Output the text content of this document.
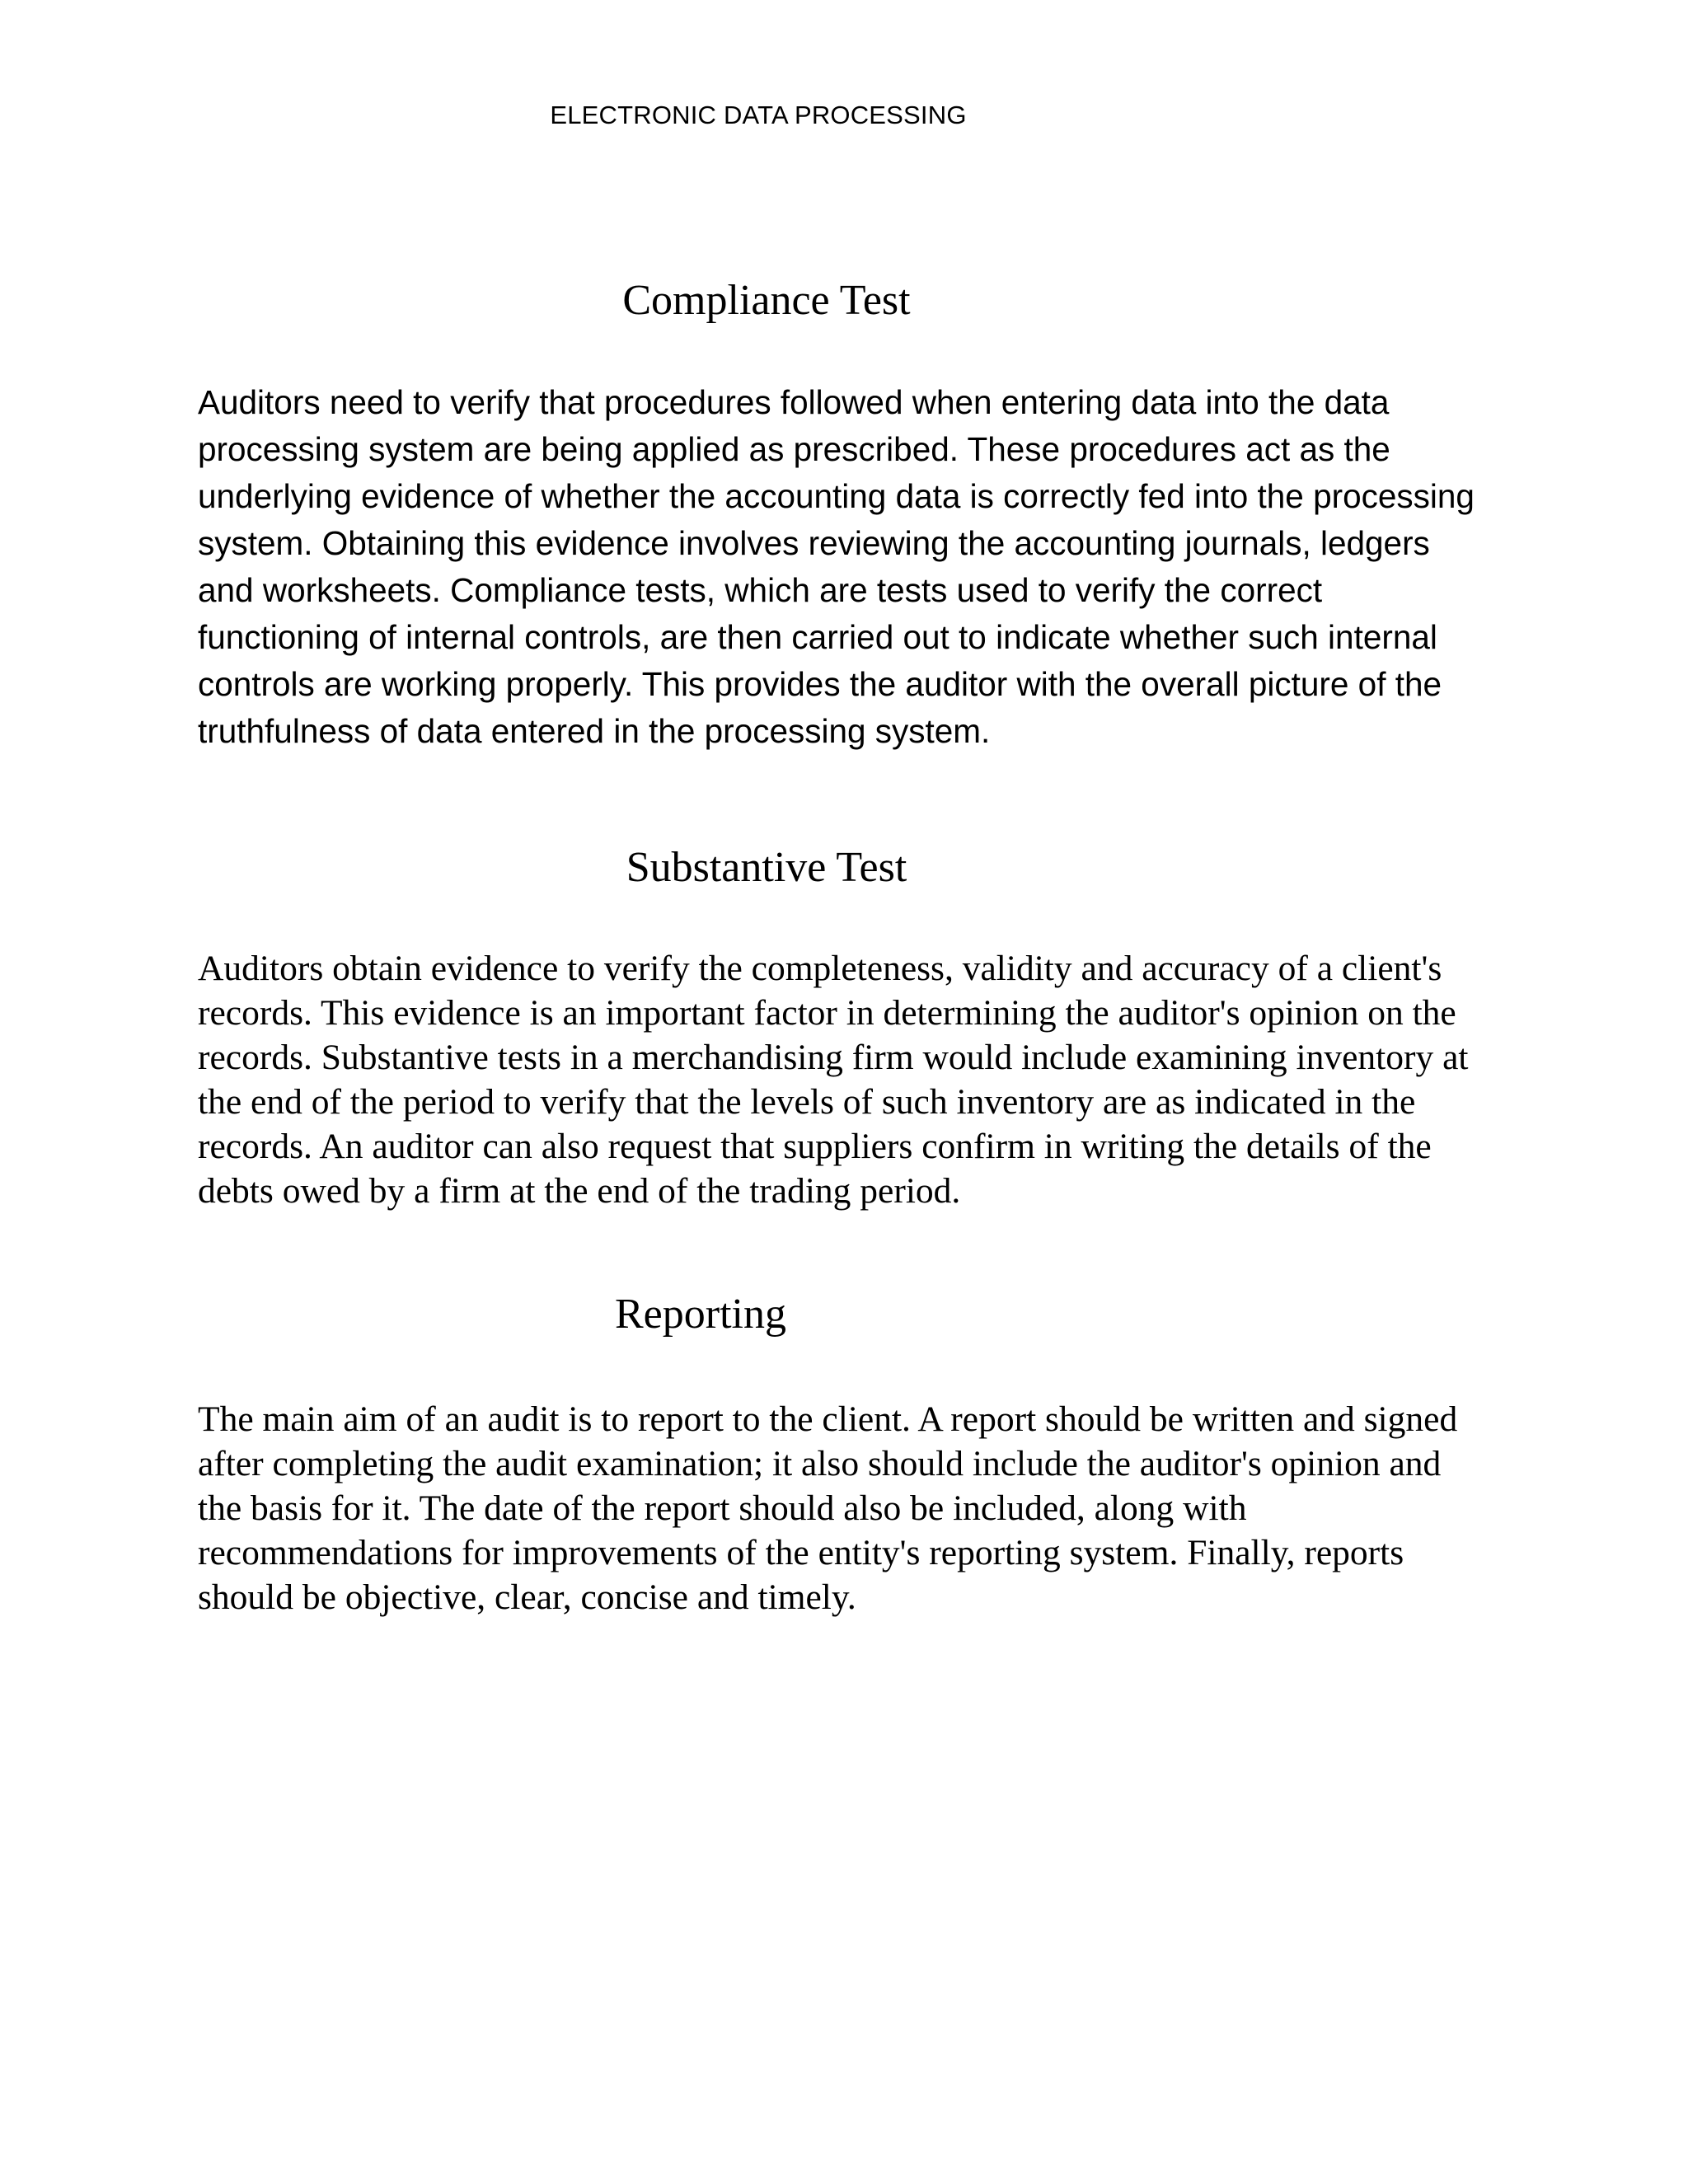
ELECTRONIC DATA PROCESSING
Compliance Test

Auditors need to verify that procedures followed when entering data into the data processing system are being applied as prescribed. These procedures act as the underlying evidence of whether the accounting data is correctly fed into the processing system. Obtaining this evidence involves reviewing the accounting journals, ledgers and worksheets. Compliance tests, which are tests used to verify the correct functioning of internal controls, are then carried out to indicate whether such internal controls are working properly. This provides the auditor with the overall picture of the truthfulness of data entered in the processing system.

Substantive Test

Auditors obtain evidence to verify the completeness, validity and accuracy of a client's records. This evidence is an important factor in determining the auditor's opinion on the records. Substantive tests in a merchandising firm would include examining inventory at the end of the period to verify that the levels of such inventory are as indicated in the records. An auditor can also request that suppliers confirm in writing the details of the debts owed by a firm at the end of the trading period.

Reporting

The main aim of an audit is to report to the client. A report should be written and signed after completing the audit examination; it also should include the auditor's opinion and the basis for it. The date of the report should also be included, along with recommendations for improvements of the entity's reporting system. Finally, reports should be objective, clear, concise and timely.
